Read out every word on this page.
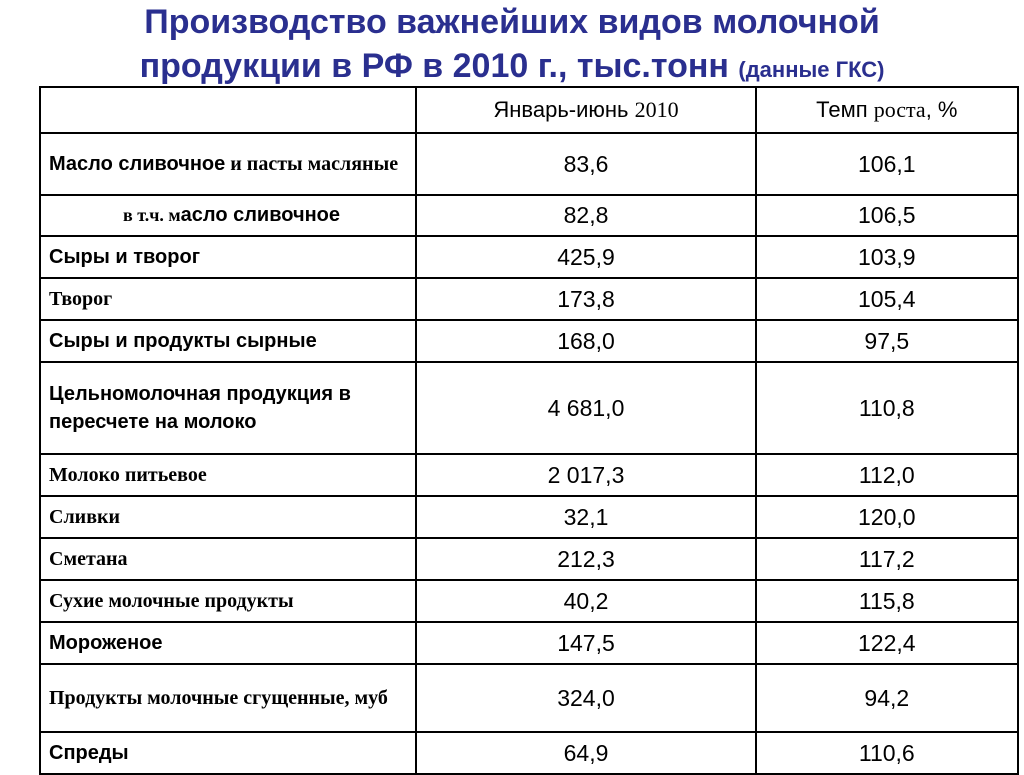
Производство важнейших видов молочной
продукции в РФ в 2010 г., тыс.тонн (данные ГКС)
	Январь-июнь 2010	Темп роста, %
Масло сливочное и пасты масляные	83,6	106,1
в т.ч. масло сливочное	82,8	106,5
Сыры и творог	425,9	103,9
Творог	173,8	105,4
Сыры и продукты сырные	168,0	97,5
Цельномолочная продукция в пересчете на молоко	4 681,0	110,8
Молоко питьевое	2 017,3	112,0
Сливки	32,1	120,0
Сметана	212,3	117,2
Сухие молочные продукты	40,2	115,8
Мороженое	147,5	122,4
Продукты молочные сгущенные, муб	324,0	94,2
Спреды	64,9	110,6
